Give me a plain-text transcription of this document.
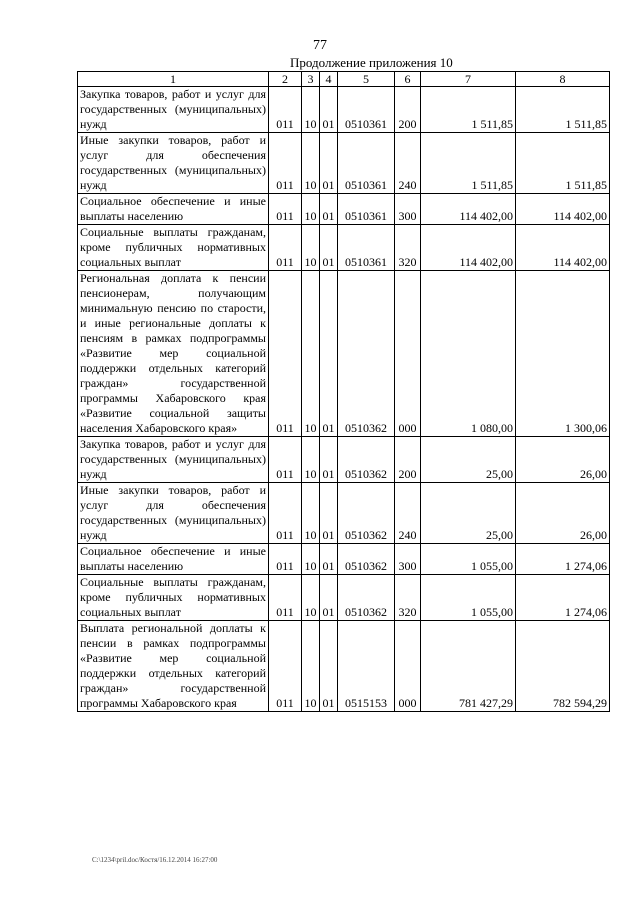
77
Продолжение приложения 10
1	2	3	4	5	6	7	8
Закупка товаров, работ и услуг для государственных (муниципальных) нужд	011	10	01	0510361	200	1 511,85	1 511,85
Иные закупки товаров, работ и услуг для обеспечения государственных (муниципальных) нужд	011	10	01	0510361	240	1 511,85	1 511,85
Социальное обеспечение и иные выплаты населению	011	10	01	0510361	300	114 402,00	114 402,00
Социальные выплаты гражданам, кроме публичных нормативных социальных выплат	011	10	01	0510361	320	114 402,00	114 402,00
Региональная доплата к пенсии пенсионерам, получающим минимальную пенсию по старости, и иные региональные доплаты к пенсиям в рамках подпрограммы «Развитие мер социальной поддержки отдельных категорий граждан» государственной программы Хабаровского края «Развитие социальной защиты населения Хабаровского края»	011	10	01	0510362	000	1 080,00	1 300,06
Закупка товаров, работ и услуг для государственных (муниципальных) нужд	011	10	01	0510362	200	25,00	26,00
Иные закупки товаров, работ и услуг для обеспечения государственных (муниципальных) нужд	011	10	01	0510362	240	25,00	26,00
Социальное обеспечение и иные выплаты населению	011	10	01	0510362	300	1 055,00	1 274,06
Социальные выплаты гражданам, кроме публичных нормативных социальных выплат	011	10	01	0510362	320	1 055,00	1 274,06
Выплата региональной доплаты к пенсии в рамках подпрограммы «Развитие мер социальной поддержки отдельных категорий граждан» государственной программы Хабаровского края	011	10	01	0515153	000	781 427,29	782 594,29
C:\1234\pril.doc/Костя/16.12.2014 16:27:00
